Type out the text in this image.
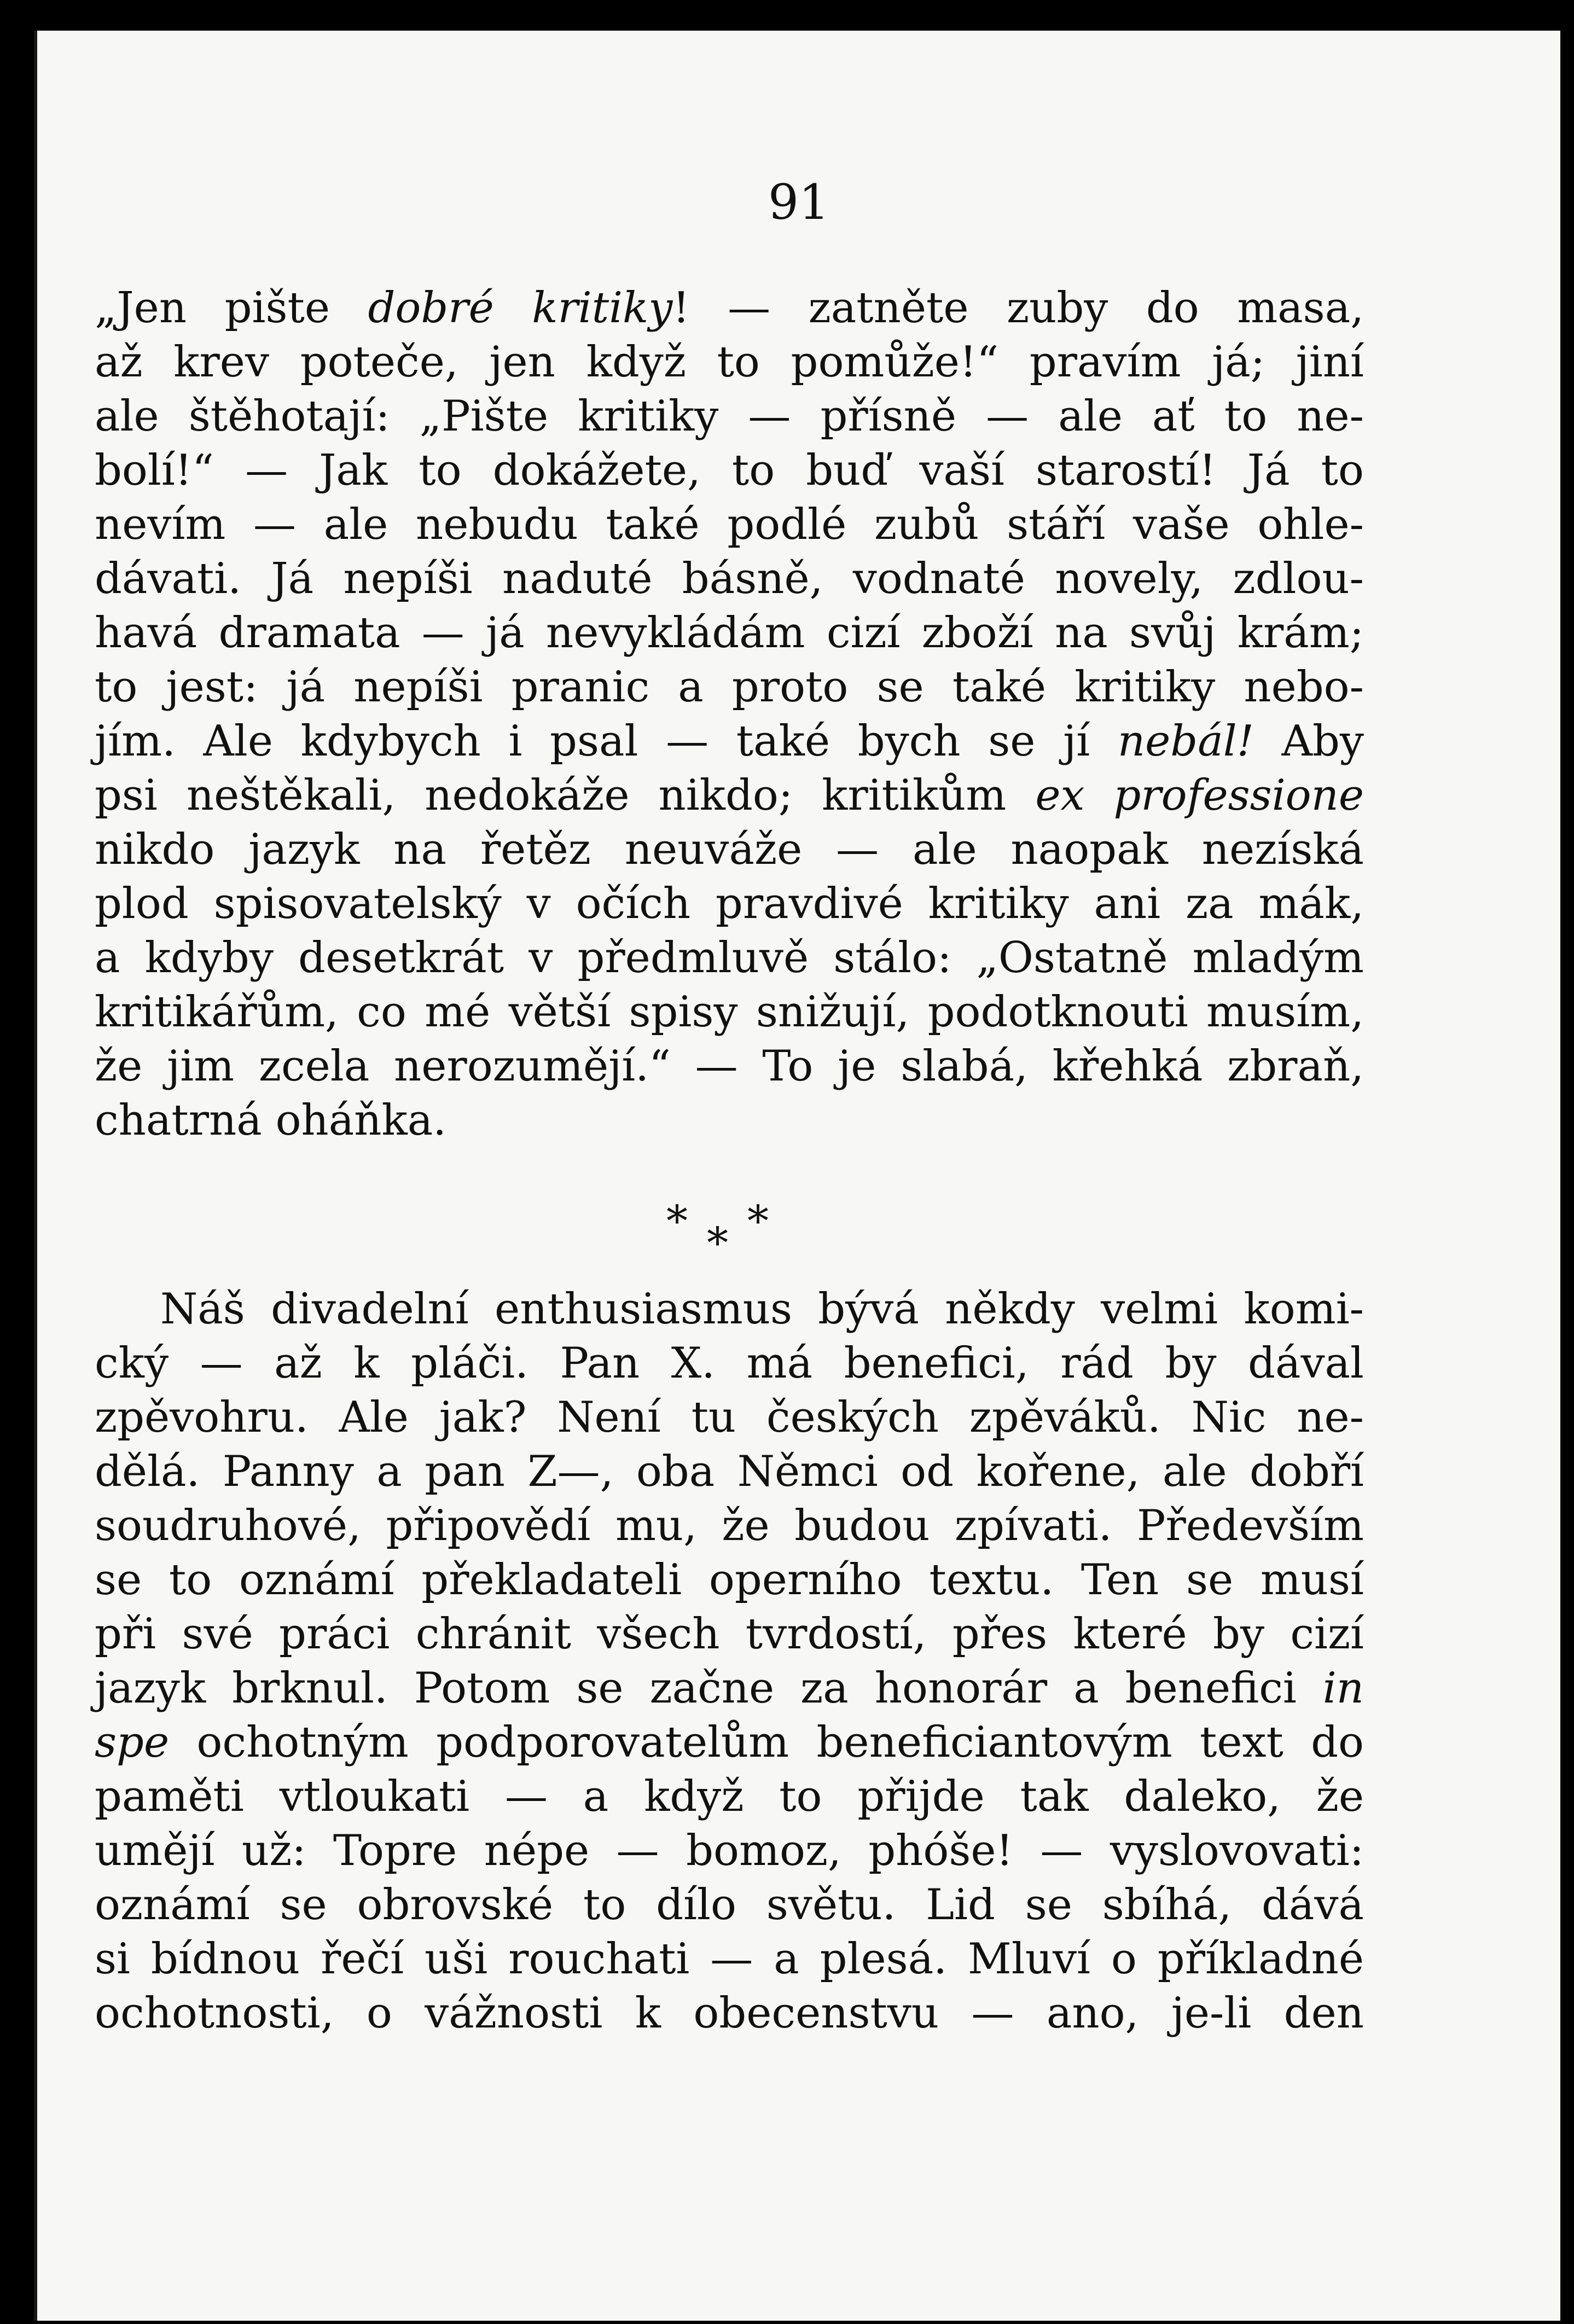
91
„Jen pište dobré kritiky! — zatněte zuby do masa,
až krev poteče, jen když to pomůže!“ pravím já; jiní
ale štěhotají: „Pište kritiky — přísně — ale ať to ne-
bolí!“ — Jak to dokážete, to buď vaší starostí! Já to
nevím — ale nebudu také podlé zubů stáří vaše ohle-
dávati. Já nepíši naduté básně, vodnaté novely, zdlou-
havá dramata — já nevykládám cizí zboží na svůj krám;
to jest: já nepíši pranic a proto se také kritiky nebo-
jím. Ale kdybych i psal — také bych se jí nebál! Aby
psi neštěkali, nedokáže nikdo; kritikům ex professione
nikdo jazyk na řetěz neuváže — ale naopak nezíská
plod spisovatelský v očích pravdivé kritiky ani za mák,
a kdyby desetkrát v předmluvě stálo: „Ostatně mladým
kritikářům, co mé větší spisy snižují, podotknouti musím,
že jim zcela nerozumějí.“ — To je slabá, křehká zbraň,
chatrná oháňka.
* *
*
Náš divadelní enthusiasmus bývá někdy velmi komi-
cký — až k pláči. Pan X. má benefici, rád by dával
zpěvohru. Ale jak? Není tu českých zpěváků. Nic ne-
dělá. Panny a pan Z—, oba Němci od kořene, ale dobří
soudruhové, připovědí mu, že budou zpívati. Především
se to oznámí překladateli operního textu. Ten se musí
při své práci chránit všech tvrdostí, přes které by cizí
jazyk brknul. Potom se začne za honorár a benefici in
spe ochotným podporovatelům beneficiantovým text do
paměti vtloukati — a když to přijde tak daleko, že
umějí už: Topre népe — bomoz, phóše! — vyslovovati:
oznámí se obrovské to dílo světu. Lid se sbíhá, dává
si bídnou řečí uši rouchati — a plesá. Mluví o příkladné
ochotnosti, o vážnosti k obecenstvu — ano, je-li den
